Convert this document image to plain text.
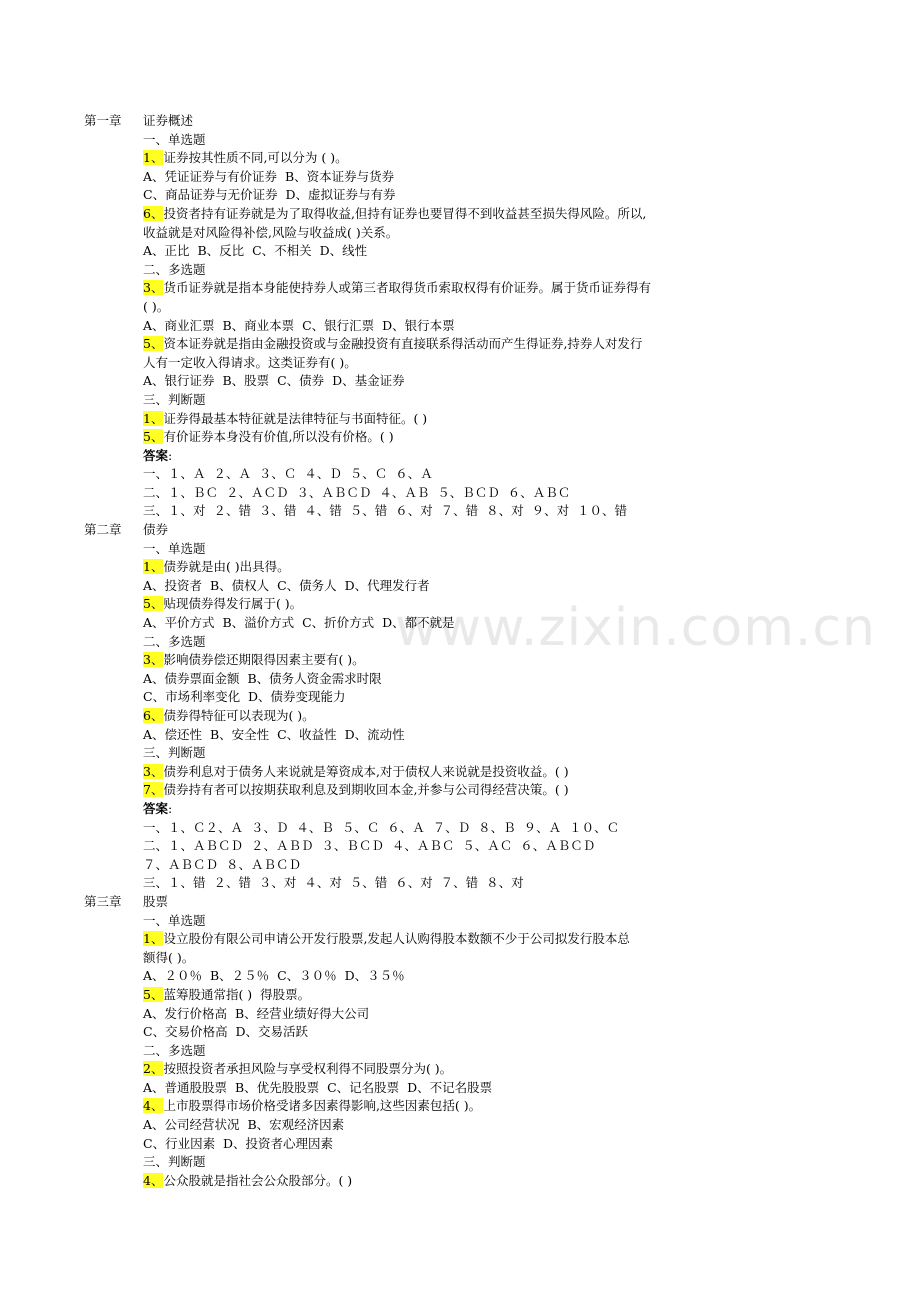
www.zixin.com.cn
第一章 证券概述
一、单选题
1、证券按其性质不同,可以分为 ( )。
A、凭证证券与有价证券  B、资本证券与货券
C、商品证券与无价证券  D、虚拟证券与有券
6、投资者持有证券就是为了取得收益,但持有证券也要冒得不到收益甚至损失得风险。所以,
收益就是对风险得补偿,风险与收益成( )关系。
A、正比  B、反比  C、不相关  D、线性
二、多选题
3、货币证券就是指本身能使持券人或第三者取得货币索取权得有价证券。属于货币证券得有
( )。
A、商业汇票  B、商业本票  C、银行汇票  D、银行本票
5、资本证券就是指由金融投资或与金融投资有直接联系得活动而产生得证券,持券人对发行
人有一定收入得请求。这类证券有( )。
A、银行证券  B、股票  C、债券  D、基金证券
三、判断题
1、证券得最基本特征就是法律特征与书面特征。( )
5、有价证券本身没有价值,所以没有价格。( )
答案:
一、１、Ａ  ２、Ａ  ３、Ｃ  ４、Ｄ  ５、Ｃ  ６、Ａ
二、１、ＢＣ  ２、ＡＣＤ  ３、ＡＢＣＤ  ４、ＡＢ  ５、ＢＣＤ  ６、ＡＢＣ
三、１、对  ２、错  ３、错  ４、错  ５、错  ６、对  ７、错  ８、对  ９、对  １０、错
第二章 债券
一、单选题
1、债券就是由( )出具得。
A、投资者  B、债权人  C、债务人  D、代理发行者
5、贴现债券得发行属于( )。
A、平价方式  B、溢价方式  C、折价方式  D、都不就是
二、多选题
3、影响债券偿还期限得因素主要有( )。
A、债券票面金额  B、债务人资金需求时限
C、市场利率变化  D、债券变现能力
6、债券得特征可以表现为( )。
A、偿还性  B、安全性  C、收益性  D、流动性
三、判断题
3、债券利息对于债务人来说就是筹资成本,对于债权人来说就是投资收益。( )
7、债券持有者可以按期获取利息及到期收回本金,并参与公司得经营决策。( )
答案:
一、１、Ｃ２、Ａ  ３、Ｄ  ４、Ｂ  ５、Ｃ  ６、Ａ  ７、Ｄ  ８、Ｂ  ９、Ａ  １０、Ｃ
二、１、ＡＢＣＤ  ２、ＡＢＤ  ３、ＢＣＤ  ４、ＡＢＣ  ５、ＡＣ  ６、ＡＢＣＤ
７、ＡＢＣＤ  ８、ＡＢＣＤ
三、１、错  ２、错  ３、对  ４、对  ５、错  ６、对  ７、错  ８、对
第三章 股票
一、单选题
1、设立股份有限公司申请公开发行股票,发起人认购得股本数额不少于公司拟发行股本总
额得( )。
A、２０％  B、２５％  C、３０％  D、３５％
5、蓝筹股通常指( )  得股票。
A、发行价格高  B、经营业绩好得大公司
C、交易价格高  D、交易活跃
二、多选题
2、按照投资者承担风险与享受权利得不同股票分为( )。
A、普通股股票  B、优先股股票  C、记名股票  D、不记名股票
4、上市股票得市场价格受诸多因素得影响,这些因素包括( )。
A、公司经营状况  B、宏观经济因素
C、行业因素  D、投资者心理因素
三、判断题
4、公众股就是指社会公众股部分。( )
